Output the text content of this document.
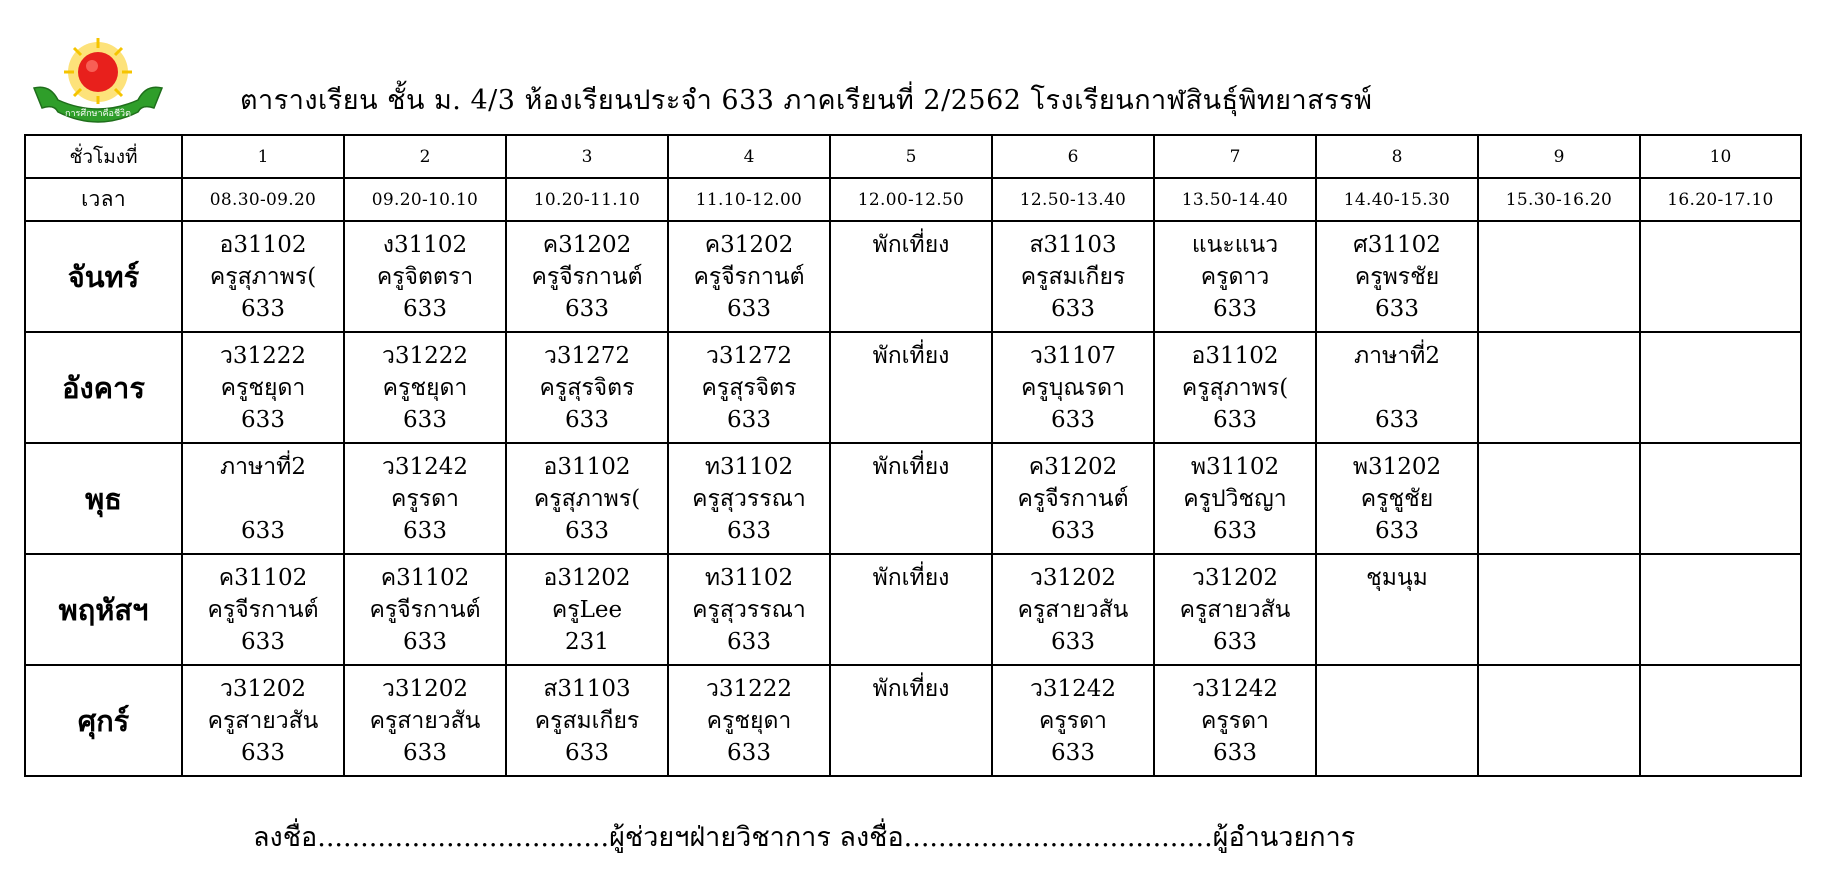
การศึกษาคือชีวิต	ตารางเรียน ชั้น ม. 4/3 ห้องเรียนประจำ 633 ภาคเรียนที่ 2/2562 โรงเรียนกาฬสินธุ์พิทยาสรรพ์
ชั่วโมงที่	1	2	3	4	5	6	7	8	9	10
เวลา	08.30-09.20	09.20-10.10	10.20-11.10	11.10-12.00	12.00-12.50	12.50-13.40	13.50-14.40	14.40-15.30	15.30-16.20	16.20-17.10
จันทร์	อ31102
ครูสุภาพร(
633	ง31102
ครูจิตตรา
633	ค31202
ครูจีรกานต์
633	ค31202
ครูจีรกานต์
633	พักเที่ยง	ส31103
ครูสมเกียร
633	แนะแนว
ครูดาว
633	ศ31102
ครูพรชัย
633		

อังคาร	ว31222
ครูชยุดา
633	ว31222
ครูชยุดา
633	ว31272
ครูสุรจิตร
633	ว31272
ครูสุรจิตร
633	พักเที่ยง	ว31107
ครูบุณรดา
633	อ31102
ครูสุภาพร(
633	ภาษาที่2
633		

พุธ	ภาษาที่2
633	ว31242
ครูรดา
633	อ31102
ครูสุภาพร(
633	ท31102
ครูสุวรรณา
633	พักเที่ยง	ค31202
ครูจีรกานต์
633	พ31102
ครูปวิชญา
633	พ31202
ครูชูชัย
633		

พฤหัสฯ	ค31102
ครูจีรกานต์
633	ค31102
ครูจีรกานต์
633	อ31202
ครูLee
231	ท31102
ครูสุวรรณา
633	พักเที่ยง	ว31202
ครูสายวสัน
633	ว31202
ครูสายวสัน
633	ชุมนุม		

ศุกร์	ว31202
ครูสายวสัน
633	ว31202
ครูสายวสัน
633	ส31103
ครูสมเกียร
633	ว31222
ครูชยุดา
633	พักเที่ยง	ว31242
ครูรดา
633	ว31242
ครูรดา
633			

ลงชื่อ..................................ผู้ช่วยฯฝ่ายวิชาการ ลงชื่อ....................................ผู้อำนวยการ
